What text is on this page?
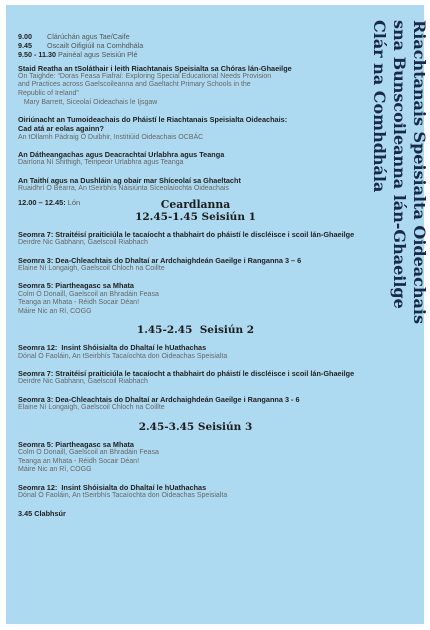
Riachtanais Speisialta Oideachais
sna Bunscoileanna lán-Ghaeilge
Clár na Comhdhála
9.00 Clárúchán agus Tae/Caife
9.45 Oscailt Oifigiúil na Comhdhála
9.50 - 11.30 Painéal agus Seisiún Plé
Staid Reatha an tSoláthair i leith Riachtanais Speisialta sa Chóras lán-Ghaeilge
Ón Taighde: “Doras Feasa Fiafraí: Exploring Special Educational Needs Provision
and Practices across Gaelscoileanna and Gaeltacht Primary Schools in the
Republic of Ireland”
Mary Barrett, Siceolaí Oideachais le Ijsgaw
Oiriúnacht an Tumoideachais do Pháistí le Riachtanais Speisialta Oideachais:
Cad atá ar eolas againn?
An tOllamh Pádraig Ó Duibhir, Institiúid Oideachais OCBÁC
An Dátheangachas agus Deacrachtaí Urlabhra agus Teanga
Dairíona Ní Shithigh, Teiripeoir Urlabhra agus Teanga
An Taithí agus na Dushláin ag obair mar Shíceolaí sa Ghaeltacht
Ruaidhrí Ó Béarra, An tSeirbhís Náisiúnta Síceolaíochta Oideachais
12.00 – 12.45: Lón	Ceardlanna
12.45-1.45 Seisiún 1
Seomra 7: Straitéisí praiticiúla le tacaíocht a thabhairt do pháistí le discléisce i scoil lán-Ghaeilge
Deirdre Nic Gabhann, Gaelscoil Riabhach
Seomra 3: Dea-Chleachtais do Dhaltaí ar Ardchaighdeán Gaeilge i Ranganna 3 – 6
Elaine Ní Longaigh, Gaelscoil Chloch na Coillte
Seomra 5: Piartheagasc sa Mhata
Colm Ó Donaill, Gaelscoil an Bhradáin Feasa
Teanga an Mhata - Réidh Socair Déan!
Máire Nic an Rí, COGG
1.45-2.45  Seisiún 2
Seomra 12:  Insint Shóisialta do Dhaltaí le hUathachas
Dónal Ó Faoláin, An tSeirbhís Tacaíochta don Oideachas Speisialta
Seomra 7: Straitéisí praiticiúla le tacaíocht a thabhairt do pháistí le discléisce i scoil lán-Ghaeilge
Deirdre Nic Gabhann, Gaelscoil Riabhach
Seomra 3: Dea-Chleachtais do Dhaltaí ar Ardchaighdeán Gaeilge i Ranganna 3 - 6
Elaine Ní Longaigh, Gaelscoil Chloch na Coillte
2.45-3.45 Seisiún 3
Seomra 5: Piartheagasc sa Mhata
Colm Ó Donaill, Gaelscoil an Bhradáin Feasa
Teanga an Mhata - Réidh Socair Déan!
Máire Nic an Rí, COGG
Seomra 12:  Insint Shóisialta do Dhaltaí le hUathachas
Dónal Ó Faoláin, An tSeirbhís Tacaíochta don Oideachas Speisialta
3.45 Clabhsúr
